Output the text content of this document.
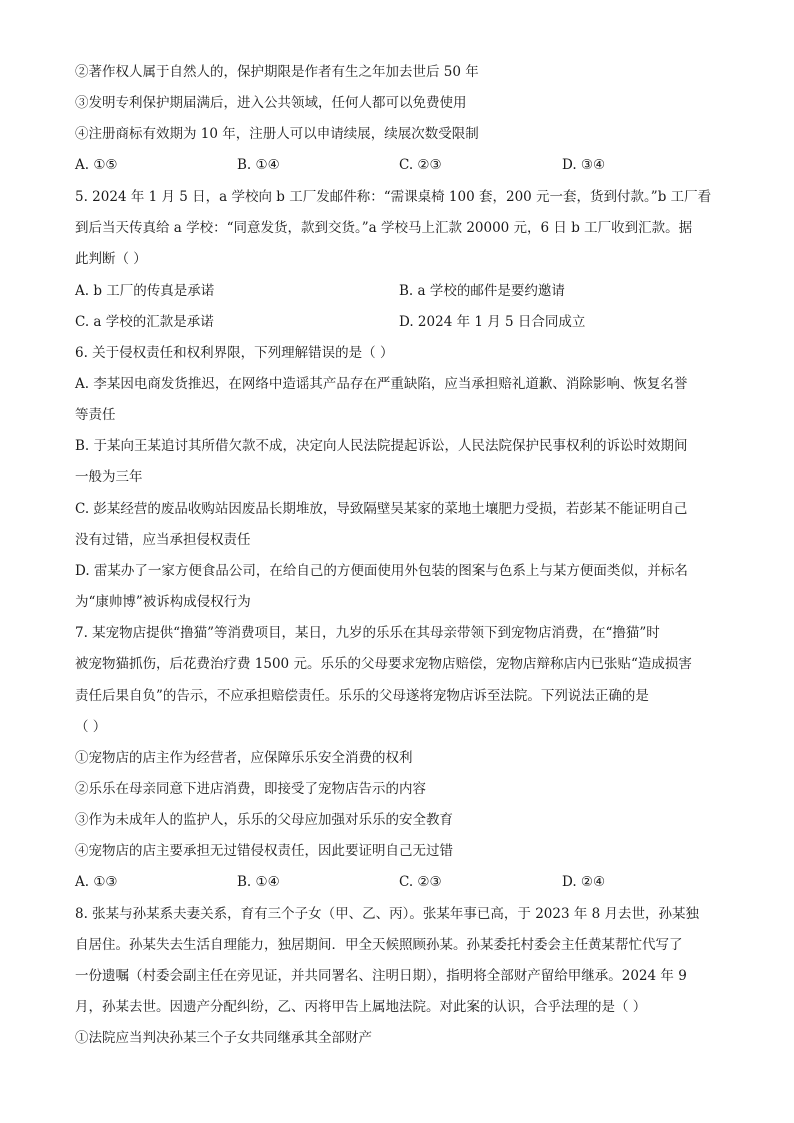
②著作权人属于自然人的，保护期限是作者有生之年加去世后 50 年
③发明专利保护期届满后，进入公共领域，任何人都可以免费使用
④注册商标有效期为 10 年，注册人可以申请续展，续展次数受限制
A. ①⑤	B. ①④	C. ②③	D. ③④
5. 2024 年 1 月 5 日，a 学校向 b 工厂发邮件称：“需课桌椅 100 套，200 元一套，货到付款。”b 工厂看
到后当天传真给 a 学校：“同意发货，款到交货。”a 学校马上汇款 20000 元，6 日 b 工厂收到汇款。据
此判断（ ）
A. b 工厂的传真是承诺	B. a 学校的邮件是要约邀请
C. a 学校的汇款是承诺	D. 2024 年 1 月 5 日合同成立
6. 关于侵权责任和权利界限，下列理解错误的是（ ）
A. 李某因电商发货推迟，在网络中造谣其产品存在严重缺陷，应当承担赔礼道歉、消除影响、恢复名誉
等责任
B. 于某向王某追讨其所借欠款不成，决定向人民法院提起诉讼，人民法院保护民事权利的诉讼时效期间
一般为三年
C. 彭某经营的废品收购站因废品长期堆放，导致隔壁吴某家的菜地土壤肥力受损，若彭某不能证明自己
没有过错，应当承担侵权责任
D. 雷某办了一家方便食品公司，在给自己的方便面使用外包装的图案与色系上与某方便面类似，并标名
为“康帅博”被诉构成侵权行为
7. 某宠物店提供“撸猫”等消费项目，某日，九岁的乐乐在其母亲带领下到宠物店消费，在“撸猫”时
被宠物猫抓伤，后花费治疗费 1500 元。乐乐的父母要求宠物店赔偿，宠物店辩称店内已张贴“造成损害
责任后果自负”的告示，不应承担赔偿责任。乐乐的父母遂将宠物店诉至法院。下列说法正确的是
（ ）
①宠物店的店主作为经营者，应保障乐乐安全消费的权利
②乐乐在母亲同意下进店消费，即接受了宠物店告示的内容
③作为未成年人的监护人，乐乐的父母应加强对乐乐的安全教育
④宠物店的店主要承担无过错侵权责任，因此要证明自己无过错
A. ①③	B. ①④	C. ②③	D. ②④
8. 张某与孙某系夫妻关系，育有三个子女（甲、乙、丙）。张某年事已高，于 2023 年 8 月去世，孙某独
自居住。孙某失去生活自理能力，独居期间．甲全天候照顾孙某。孙某委托村委会主任黄某帮忙代写了
一份遗嘱（村委会副主任在旁见证，并共同署名、注明日期），指明将全部财产留给甲继承。2024 年 9
月，孙某去世。因遗产分配纠纷，乙、丙将甲告上属地法院。对此案的认识，合乎法理的是（ ）
①法院应当判决孙某三个子女共同继承其全部财产
